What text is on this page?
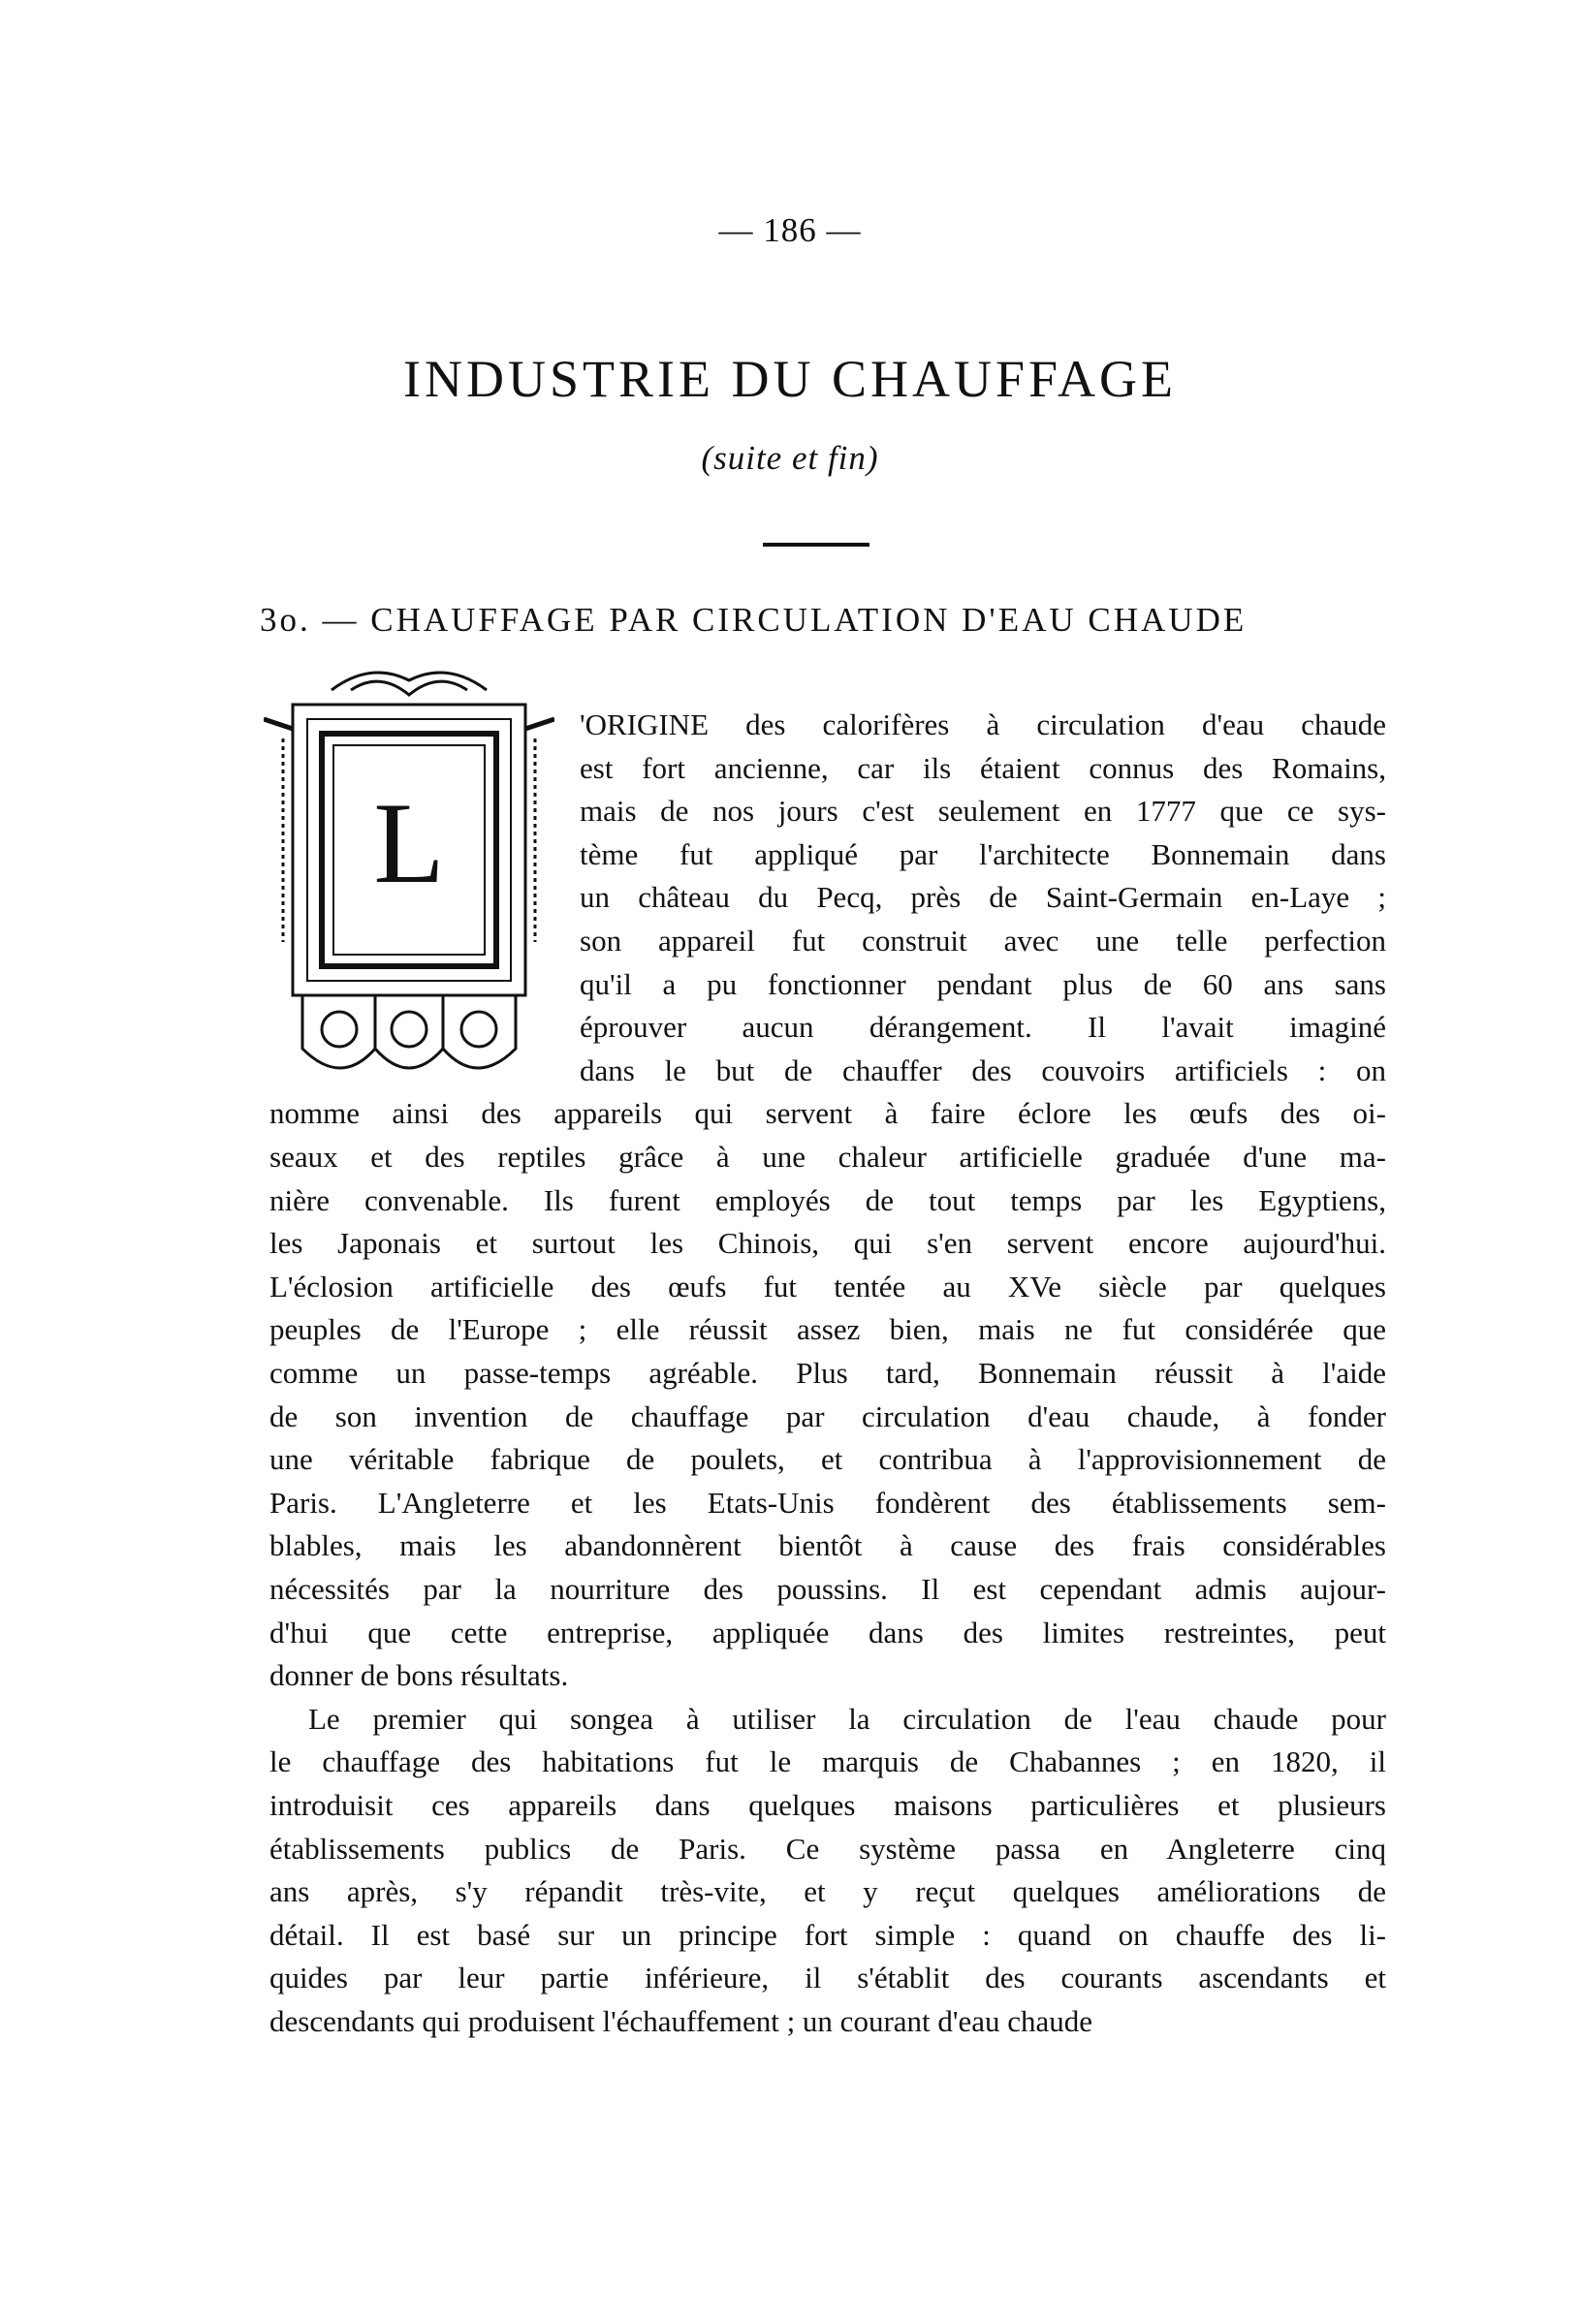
— 186 —
INDUSTRIE DU CHAUFFAGE
(suite et fin)
3o. — CHAUFFAGE PAR CIRCULATION D'EAU CHAUDE
L
'ORIGINE des calorifères à circulation d'eau chaude
est fort ancienne, car ils étaient connus des Romains,
mais de nos jours c'est seulement en 1777 que ce sys-
tème fut appliqué par l'architecte Bonnemain dans
un château du Pecq, près de Saint-Germain en-Laye ;
son appareil fut construit avec une telle perfection
qu'il a pu fonctionner pendant plus de 60 ans sans
éprouver aucun dérangement. Il l'avait imaginé
dans le but de chauffer des couvoirs artificiels : on
nomme ainsi des appareils qui servent à faire éclore les œufs des oi-
seaux et des reptiles grâce à une chaleur artificielle graduée d'une ma-
nière convenable. Ils furent employés de tout temps par les Egyptiens,
les Japonais et surtout les Chinois, qui s'en servent encore aujourd'hui.
L'éclosion artificielle des œufs fut tentée au XVe siècle par quelques
peuples de l'Europe ; elle réussit assez bien, mais ne fut considérée que
comme un passe-temps agréable. Plus tard, Bonnemain réussit à l'aide
de son invention de chauffage par circulation d'eau chaude, à fonder
une véritable fabrique de poulets, et contribua à l'approvisionnement de
Paris. L'Angleterre et les Etats-Unis fondèrent des établissements sem-
blables, mais les abandonnèrent bientôt à cause des frais considérables
nécessités par la nourriture des poussins. Il est cependant admis aujour-
d'hui que cette entreprise, appliquée dans des limites restreintes, peut
donner de bons résultats.
Le premier qui songea à utiliser la circulation de l'eau chaude pour
le chauffage des habitations fut le marquis de Chabannes ; en 1820, il
introduisit ces appareils dans quelques maisons particulières et plusieurs
établissements publics de Paris. Ce système passa en Angleterre cinq
ans après, s'y répandit très-vite, et y reçut quelques améliorations de
détail. Il est basé sur un principe fort simple : quand on chauffe des li-
quides par leur partie inférieure, il s'établit des courants ascendants et
descendants qui produisent l'échauffement ; un courant d'eau chaude
